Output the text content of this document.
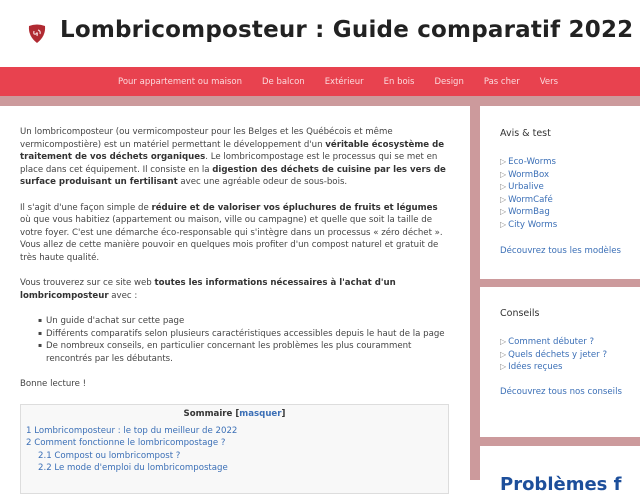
Lombricomposteur : Guide comparatif 2022
Pour appartement ou maison De balcon Extérieur En bois Design Pas cher Vers

Un lombricomposteur (ou vermicomposteur pour les Belges et les Québécois et même vermicompostière) est un matériel permettant le développement d'un véritable écosystème de traitement de vos déchets organiques. Le lombricompostage est le processus qui se met en place dans cet équipement. Il consiste en la digestion des déchets de cuisine par les vers de surface produisant un fertilisant avec une agréable odeur de sous-bois.

Il s'agit d'une façon simple de réduire et de valoriser vos épluchures de fruits et légumes où que vous habitiez (appartement ou maison, ville ou campagne) et quelle que soit la taille de votre foyer. C'est une démarche éco-responsable qui s'intègre dans un processus « zéro déchet ». Vous allez de cette manière pouvoir en quelques mois profiter d'un compost naturel et gratuit de très haute qualité.

Vous trouverez sur ce site web toutes les informations nécessaires à l'achat d'un lombricomposteur avec :

▪ Un guide d'achat sur cette page
▪ Différents comparatifs selon plusieurs caractéristiques accessibles depuis le haut de la page
▪ De nombreux conseils, en particulier concernant les problèmes les plus couramment rencontrés par les débutants.

Bonne lecture !

Sommaire [masquer]
1 Lombricomposteur : le top du meilleur de 2022
2 Comment fonctionne le lombricompostage ?
2.1 Compost ou lombricompost ?
2.2 Le mode d'emploi du lombricompostage
Avis & test
▷ Eco-Worms
▷ WormBox
▷ Urbalive
▷ WormCafé
▷ WormBag
▷ City Worms
Découvrez tous les modèles
Conseils
▷ Comment débuter ?
▷ Quels déchets y jeter ?
▷ Idées reçues
Découvrez tous nos conseils
Problèmes f
